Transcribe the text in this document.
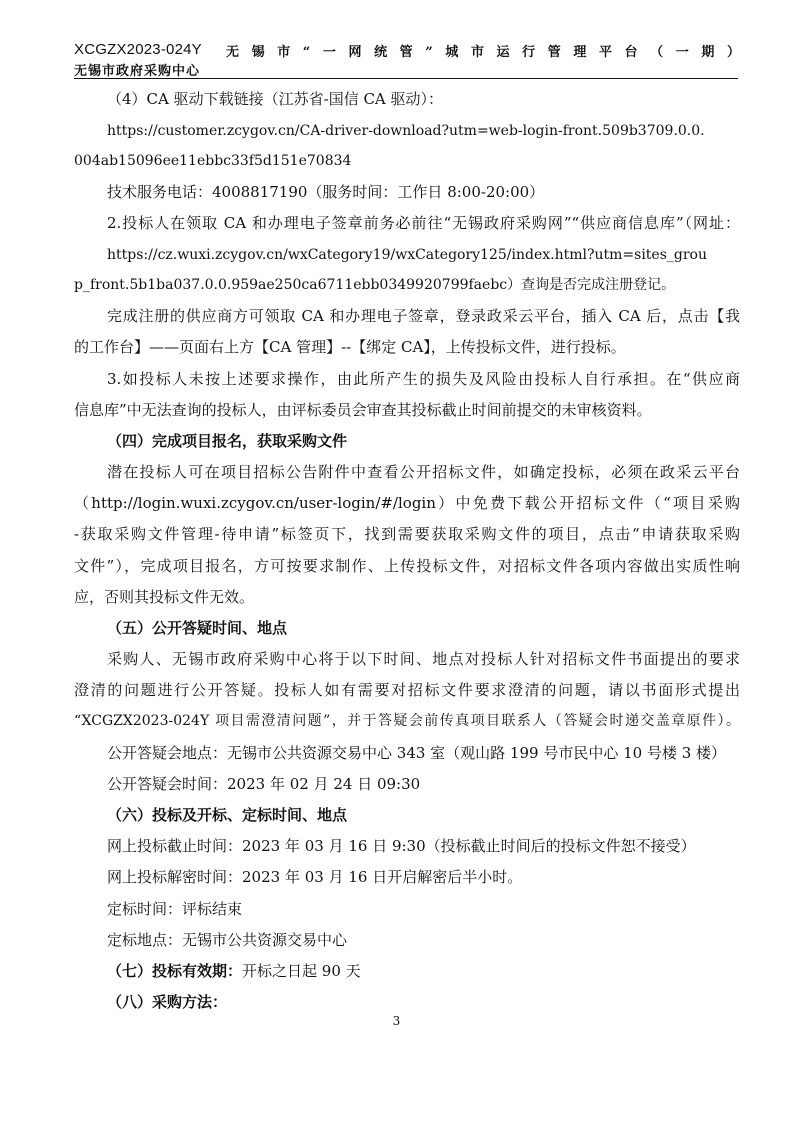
XCGZX2023-024Y 无锡市“一网统管”城市运行管理平台（一期）
无锡市政府采购中心
（4）CA 驱动下载链接（江苏省-国信 CA 驱动）：
https://customer.zcygov.cn/CA-driver-download?utm=web-login-front.509b3709.0.0.
004ab15096ee11ebbc33f5d151e70834
技术服务电话：4008817190（服务时间：工作日 8:00-20:00）
2.投标人在领取 CA 和办理电子签章前务必前往“无锡政府采购网”“供应商信息库”（网址：
https://cz.wuxi.zcygov.cn/wxCategory19/wxCategory125/index.html?utm=sites_grou
p_front.5b1ba037.0.0.959ae250ca6711ebb0349920799faebc）查询是否完成注册登记。
完成注册的供应商方可领取 CA 和办理电子签章，登录政采云平台，插入 CA 后，点击【我
的工作台】——页面右上方【CA 管理】--【绑定 CA】，上传投标文件，进行投标。
3.如投标人未按上述要求操作，由此所产生的损失及风险由投标人自行承担。在“供应商
信息库”中无法查询的投标人，由评标委员会审查其投标截止时间前提交的未审核资料。
（四）完成项目报名，获取采购文件
潜在投标人可在项目招标公告附件中查看公开招标文件，如确定投标，必须在政采云平台
（http://login.wuxi.zcygov.cn/user-login/#/login）中免费下载公开招标文件（“项目采购
-获取采购文件管理-待申请”标签页下，找到需要获取采购文件的项目，点击“申请获取采购
文件”），完成项目报名，方可按要求制作、上传投标文件，对招标文件各项内容做出实质性响
应，否则其投标文件无效。
（五）公开答疑时间、地点
采购人、无锡市政府采购中心将于以下时间、地点对投标人针对招标文件书面提出的要求
澄清的问题进行公开答疑。投标人如有需要对招标文件要求澄清的问题，请以书面形式提出
“XCGZX2023-024Y 项目需澄清问题”，并于答疑会前传真项目联系人（答疑会时递交盖章原件）。
公开答疑会地点：无锡市公共资源交易中心 343 室（观山路 199 号市民中心 10 号楼 3 楼）
公开答疑会时间：2023 年 02 月 24 日 09:30
（六）投标及开标、定标时间、地点
网上投标截止时间：2023 年 03 月 16 日 9:30（投标截止时间后的投标文件恕不接受）
网上投标解密时间：2023 年 03 月 16 日开启解密后半小时。
定标时间：评标结束
定标地点：无锡市公共资源交易中心
（七）投标有效期：开标之日起 90 天
（八）采购方法：
3
